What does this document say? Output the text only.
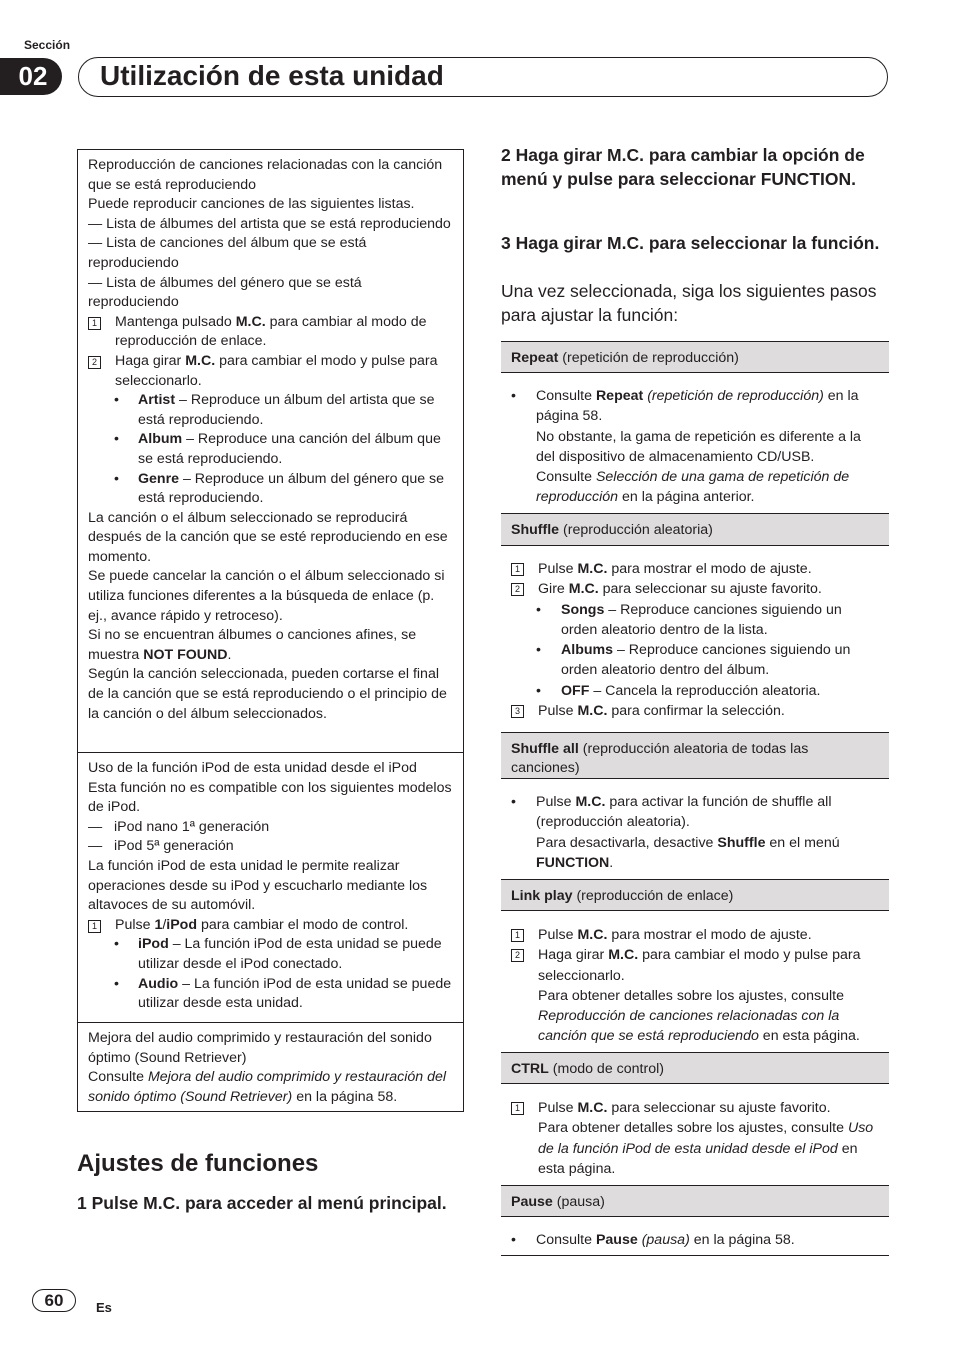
Sección
02	Utilización de esta unidad

Reproducción de canciones relacionadas con la canción que se está reproduciendo

Puede reproducir canciones de las siguientes listas.

— Lista de álbumes del artista que se está reproduciendo

— Lista de canciones del álbum que se está reproduciendo

— Lista de álbumes del género que se está reproduciendo

1 Mantenga pulsado M.C. para cambiar al modo de reproducción de enlace.
2 Haga girar M.C. para cambiar el modo y pulse para seleccionarlo.
•	Artist – Reproduce un álbum del artista que se está reproduciendo.
•	Album – Reproduce una canción del álbum que se está reproduciendo.
•	Genre – Reproduce un álbum del género que se está reproduciendo.

La canción o el álbum seleccionado se reproducirá después de la canción que se esté reproduciendo en ese momento.

Se puede cancelar la canción o el álbum seleccionado si utiliza funciones diferentes a la búsqueda de enlace (p. ej., avance rápido y retroceso).

Si no se encuentran álbumes o canciones afines, se muestra NOT FOUND.

Según la canción seleccionada, pueden cortarse el final de la canción que se está reproduciendo o el principio de la canción o del álbum seleccionados.

Uso de la función iPod de esta unidad desde el iPod

Esta función no es compatible con los siguientes modelos de iPod.

— iPod nano 1ª generación

— iPod 5ª generación

La función iPod de esta unidad le permite realizar operaciones desde su iPod y escucharlo mediante los altavoces de su automóvil.

1 Pulse 1/iPod para cambiar el modo de control.
•	iPod – La función iPod de esta unidad se puede utilizar desde el iPod conectado.
•	Audio – La función iPod de esta unidad se puede utilizar desde esta unidad.

Mejora del audio comprimido y restauración del sonido óptimo (Sound Retriever)

Consulte Mejora del audio comprimido y restauración del sonido óptimo (Sound Retriever) en la página 58.

Ajustes de funciones
1 Pulse M.C. para acceder al menú principal.
2 Haga girar M.C. para cambiar la opción de menú y pulse para seleccionar FUNCTION.
3 Haga girar M.C. para seleccionar la función.
Una vez seleccionada, siga los siguientes pasos para ajustar la función:
Repeat (repetición de reproducción)
•	Consulte Repeat (repetición de reproducción) en la página 58.
No obstante, la gama de repetición es diferente a la del dispositivo de almacenamiento CD/USB.
Consulte Selección de una gama de repetición de reproducción en la página anterior.
Shuffle (reproducción aleatoria)
1 Pulse M.C. para mostrar el modo de ajuste.
2 Gire M.C. para seleccionar su ajuste favorito.
•	Songs – Reproduce canciones siguiendo un orden aleatorio dentro de la lista.
•	Albums – Reproduce canciones siguiendo un orden aleatorio dentro del álbum.
•	OFF – Cancela la reproducción aleatoria.
3 Pulse M.C. para confirmar la selección.
Shuffle all (reproducción aleatoria de todas las canciones)
•	Pulse M.C. para activar la función de shuffle all (reproducción aleatoria).
Para desactivarla, desactive Shuffle en el menú FUNCTION.
Link play (reproducción de enlace)
1 Pulse M.C. para mostrar el modo de ajuste.
2 Haga girar M.C. para cambiar el modo y pulse para seleccionarlo.
Para obtener detalles sobre los ajustes, consulte Reproducción de canciones relacionadas con la canción que se está reproduciendo en esta página.
CTRL (modo de control)
1 Pulse M.C. para seleccionar su ajuste favorito.
Para obtener detalles sobre los ajustes, consulte Uso de la función iPod de esta unidad desde el iPod en esta página.
Pause (pausa)
•	Consulte Pause (pausa) en la página 58.
60	Es
